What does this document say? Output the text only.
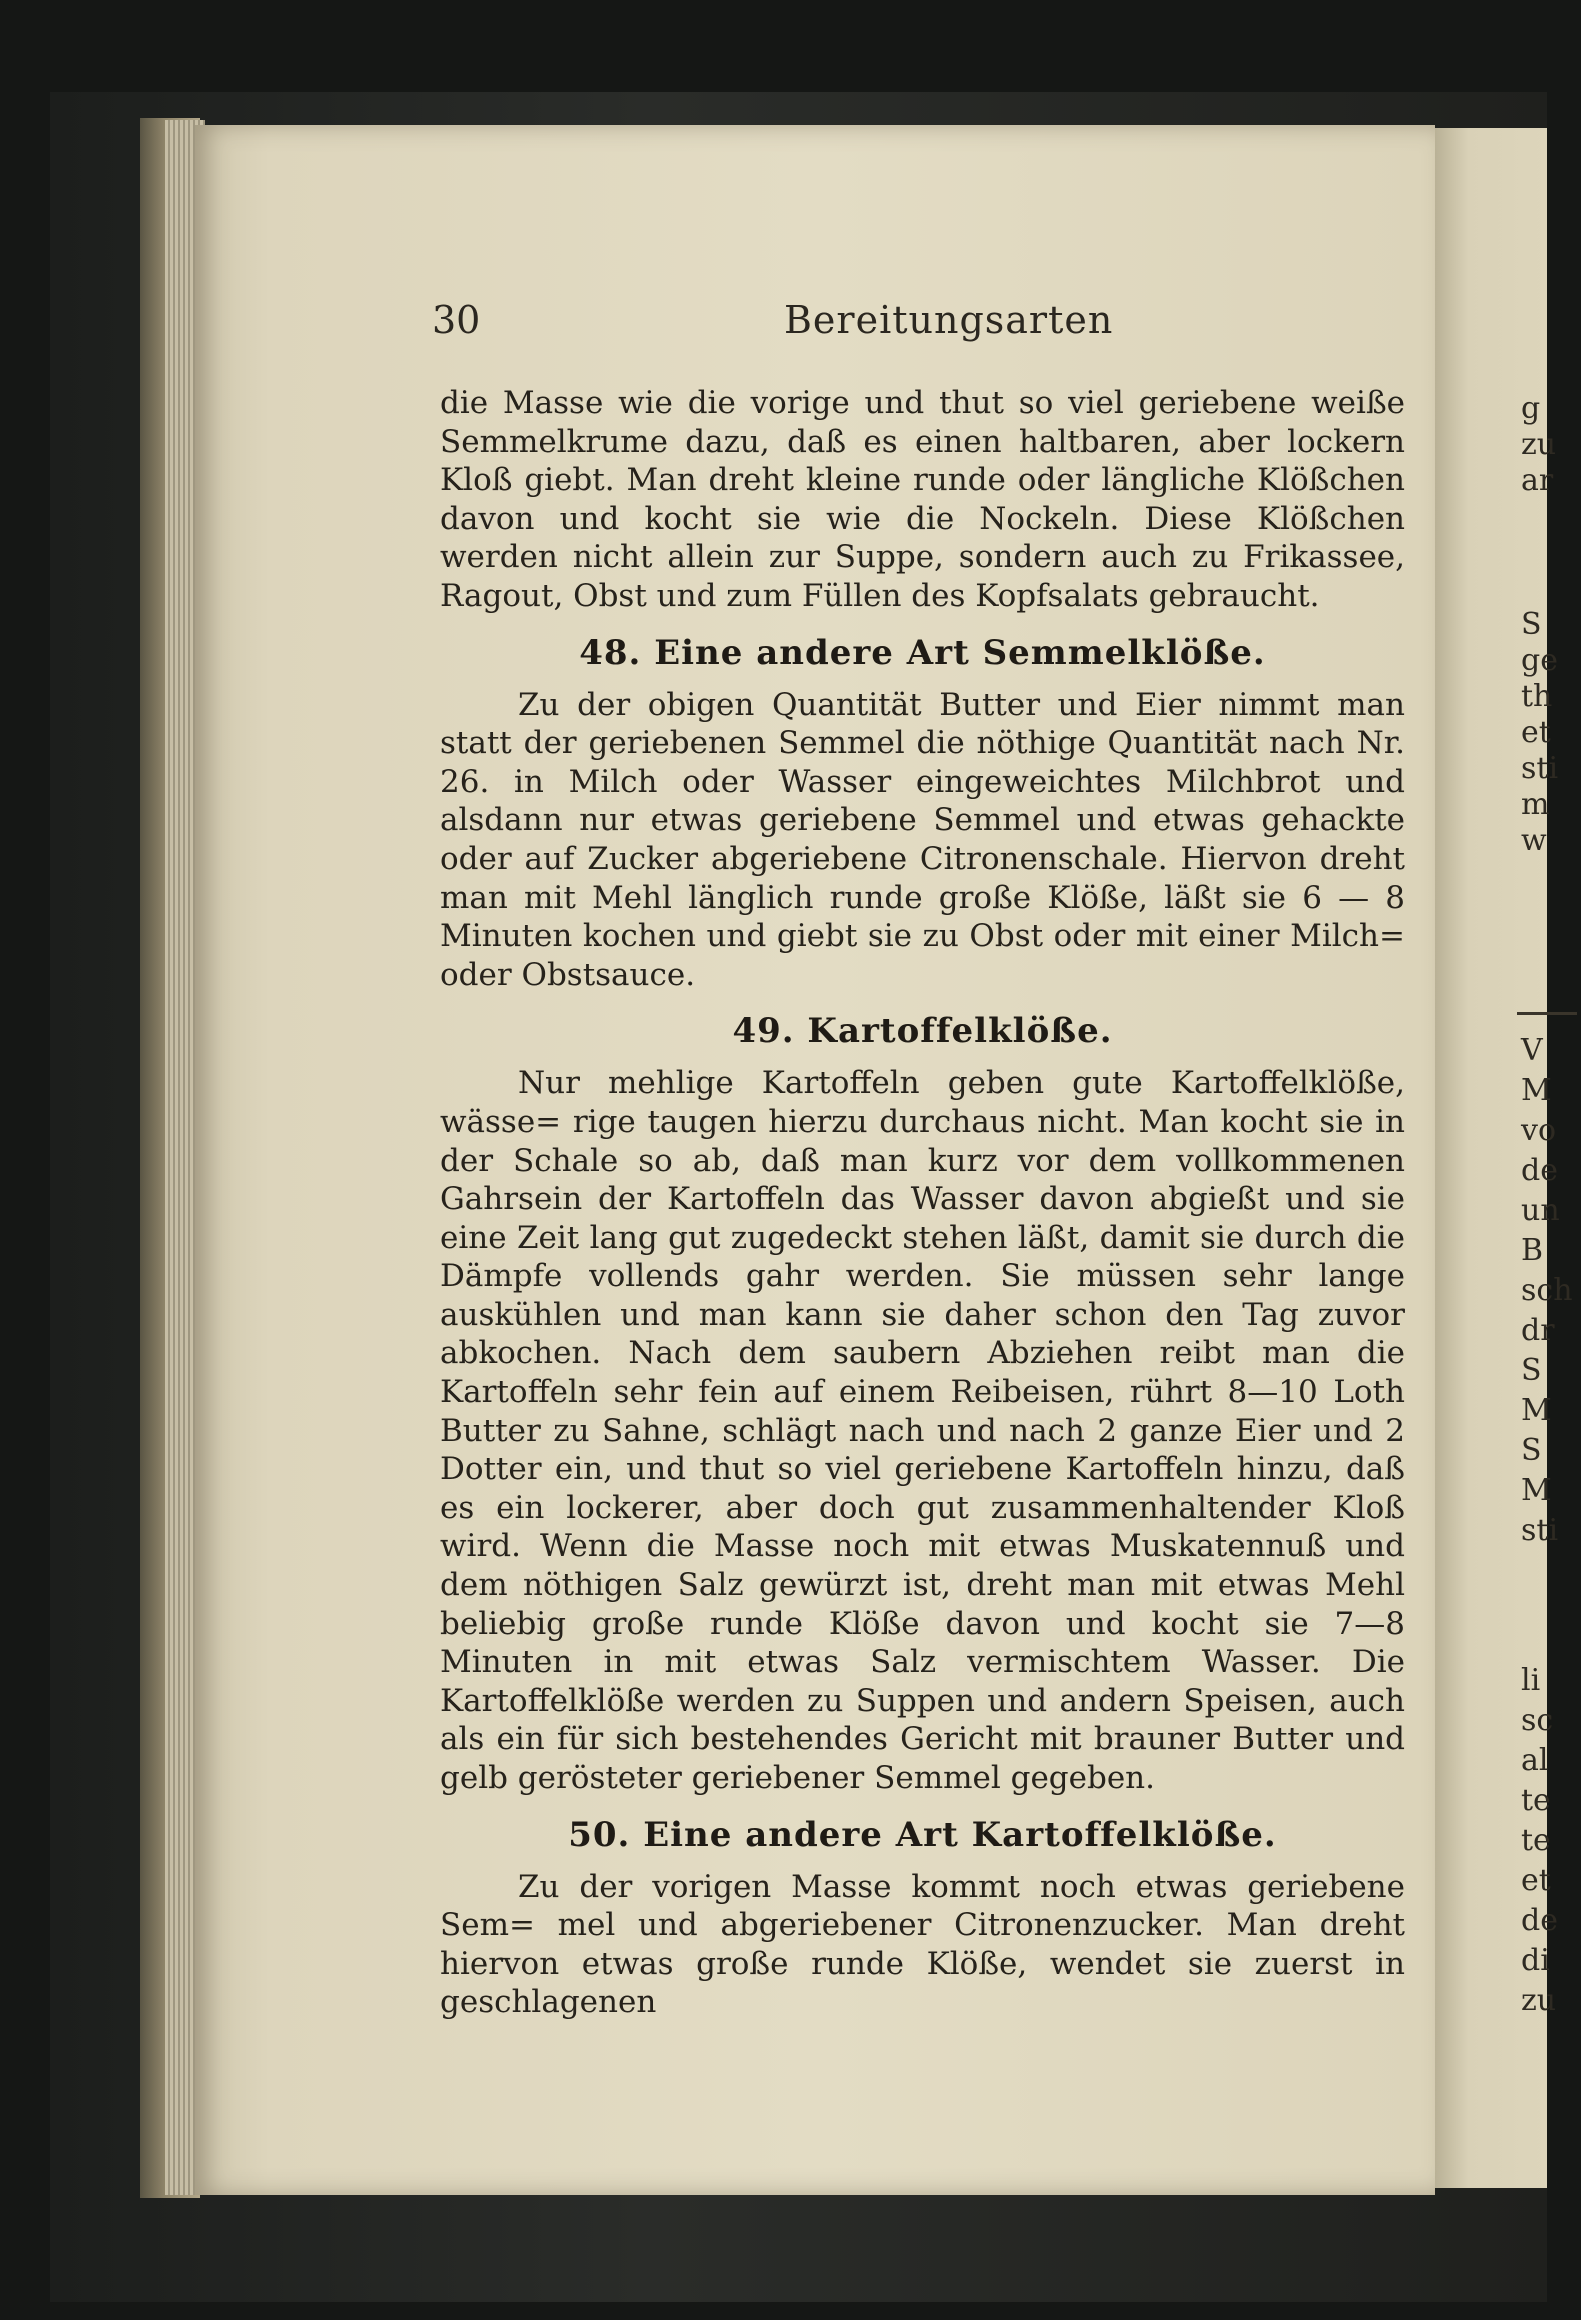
g
zu
ar
S
ge
th
et
sti
m
w
V
M
vo
de
un
B
sch
dr
S
M
S
M
sti
li
sc
al
te
te
et
de
di
zu
30	Bereitungsarten

die Masse wie die vorige und thut so viel geriebene weiße Semmelkrume dazu, daß es einen haltbaren, aber lockern Kloß giebt. Man dreht kleine runde oder längliche Klößchen davon und kocht sie wie die Nockeln. Diese Klößchen werden nicht allein zur Suppe, sondern auch zu Frikassee, Ragout, Obst und zum Füllen des Kopfsalats gebraucht.

48. Eine andere Art Semmelklöße.

Zu der obigen Quantität Butter und Eier nimmt man statt der geriebenen Semmel die nöthige Quantität nach Nr. 26. in Milch oder Wasser eingeweichtes Milchbrot und alsdann nur etwas geriebene Semmel und etwas gehackte oder auf Zucker abgeriebene Citronenschale. Hiervon dreht man mit Mehl länglich runde große Klöße, läßt sie 6 — 8 Minuten kochen und giebt sie zu Obst oder mit einer Milch= oder Obstsauce.

49. Kartoffelklöße.

Nur mehlige Kartoffeln geben gute Kartoffelklöße, wässe= rige taugen hierzu durchaus nicht. Man kocht sie in der Schale so ab, daß man kurz vor dem vollkommenen Gahrsein der Kartoffeln das Wasser davon abgießt und sie eine Zeit lang gut zugedeckt stehen läßt, damit sie durch die Dämpfe vollends gahr werden. Sie müssen sehr lange auskühlen und man kann sie daher schon den Tag zuvor abkochen. Nach dem saubern Abziehen reibt man die Kartoffeln sehr fein auf einem Reibeisen, rührt 8—10 Loth Butter zu Sahne, schlägt nach und nach 2 ganze Eier und 2 Dotter ein, und thut so viel geriebene Kartoffeln hinzu, daß es ein lockerer, aber doch gut zusammenhaltender Kloß wird. Wenn die Masse noch mit etwas Muskatennuß und dem nöthigen Salz gewürzt ist, dreht man mit etwas Mehl beliebig große runde Klöße davon und kocht sie 7—8 Minuten in mit etwas Salz vermischtem Wasser. Die Kartoffelklöße werden zu Suppen und andern Speisen, auch als ein für sich bestehendes Gericht mit brauner Butter und gelb gerösteter geriebener Semmel gegeben.

50. Eine andere Art Kartoffelklöße.

Zu der vorigen Masse kommt noch etwas geriebene Sem= mel und abgeriebener Citronenzucker. Man dreht hiervon etwas große runde Klöße, wendet sie zuerst in geschlagenen
